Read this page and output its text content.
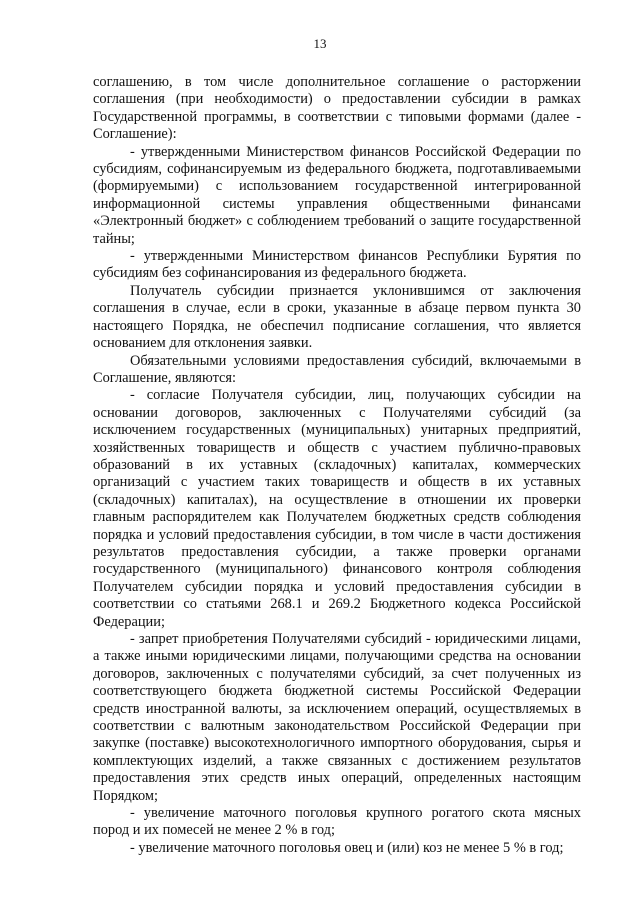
13

соглашению, в том числе дополнительное соглашение о расторжении соглашения (при необходимости) о предоставлении субсидии в рамках Государственной программы, в соответствии с типовыми формами (далее - Соглашение):

- утвержденными Министерством финансов Российской Федерации по субсидиям, софинансируемым из федерального бюджета, подготавливаемыми (формируемыми) с использованием государственной интегрированной информационной системы управления общественными финансами «Электронный бюджет» с соблюдением требований о защите государственной тайны;

- утвержденными Министерством финансов Республики Бурятия по субсидиям без софинансирования из федерального бюджета.

Получатель субсидии признается уклонившимся от заключения соглашения в случае, если в сроки, указанные в абзаце первом пункта 30 настоящего Порядка, не обеспечил подписание соглашения, что является основанием для отклонения заявки.

Обязательными условиями предоставления субсидий, включаемыми в Соглашение, являются:

- согласие Получателя субсидии, лиц, получающих субсидии на основании договоров, заключенных с Получателями субсидий (за исключением государственных (муниципальных) унитарных предприятий, хозяйственных товариществ и обществ с участием публично-правовых образований в их уставных (складочных) капиталах, коммерческих организаций с участием таких товариществ и обществ в их уставных (складочных) капиталах), на осуществление в отношении их проверки главным распорядителем как Получателем бюджетных средств соблюдения порядка и условий предоставления субсидии, в том числе в части достижения результатов предоставления субсидии, а также проверки органами государственного (муниципального) финансового контроля соблюдения Получателем субсидии порядка и условий предоставления субсидии в соответствии со статьями 268.1 и 269.2 Бюджетного кодекса Российской Федерации;

- запрет приобретения Получателями субсидий - юридическими лицами, а также иными юридическими лицами, получающими средства на основании договоров, заключенных с получателями субсидий, за счет полученных из соответствующего бюджета бюджетной системы Российской Федерации средств иностранной валюты, за исключением операций, осуществляемых в соответствии с валютным законодательством Российской Федерации при закупке (поставке) высокотехнологичного импортного оборудования, сырья и комплектующих изделий, а также связанных с достижением результатов предоставления этих средств иных операций, определенных настоящим Порядком;

- увеличение маточного поголовья крупного рогатого скота мясных пород и их помесей не менее 2 % в год;

- увеличение маточного поголовья овец и (или) коз не менее 5 % в год;
